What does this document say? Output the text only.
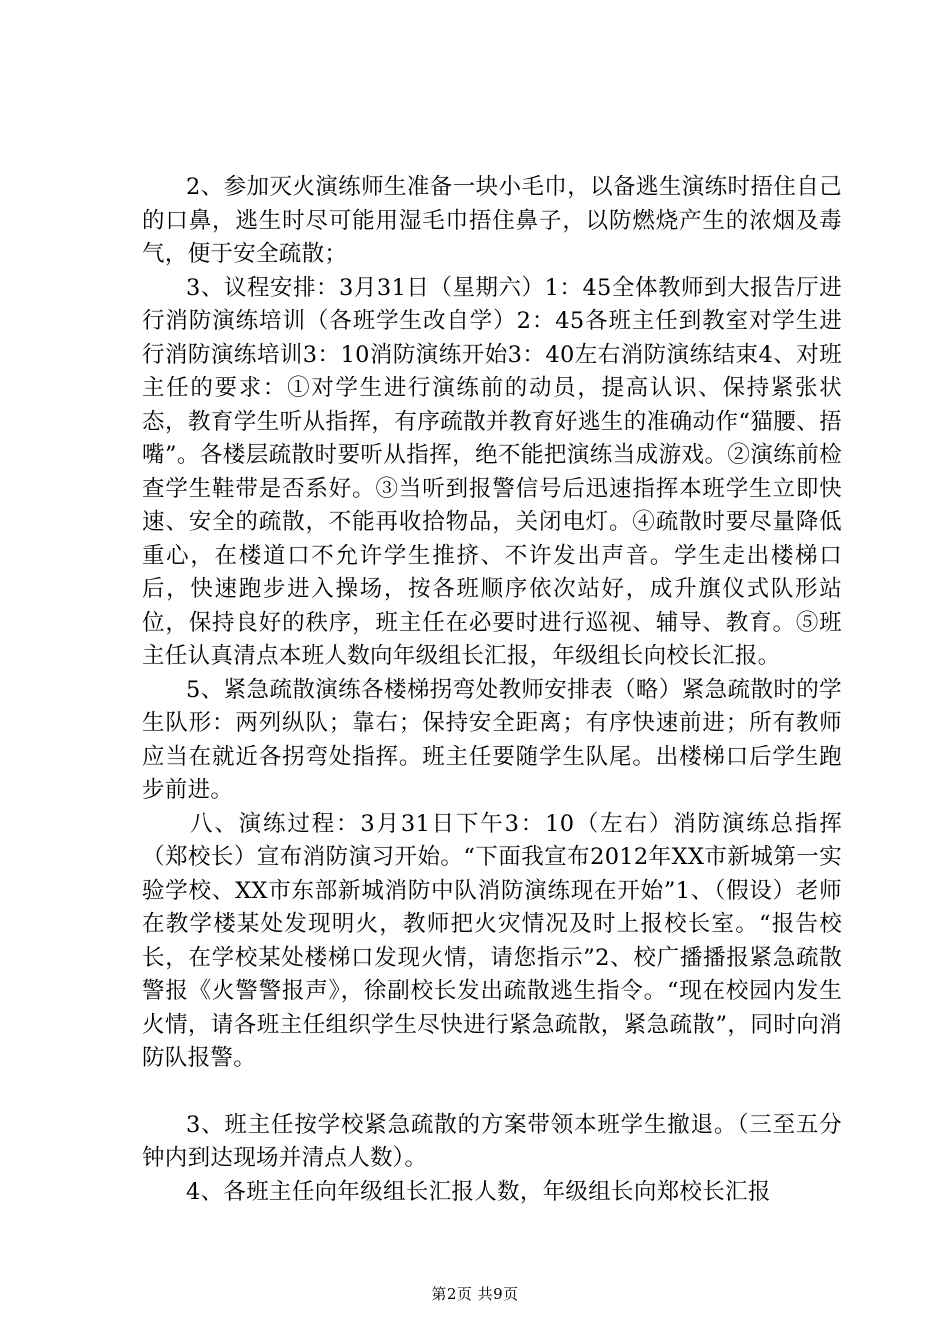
2、参加灭火演练师生准备一块小毛巾，以备逃生演练时捂住自己的口鼻，逃生时尽可能用湿毛巾捂住鼻子，以防燃烧产生的浓烟及毒气，便于安全疏散；

3、议程安排：3月31日（星期六）1：45全体教师到大报告厅进行消防演练培训（各班学生改自学）2：45各班主任到教室对学生进行消防演练培训3：10消防演练开始3：40左右消防演练结束4、对班主任的要求：①对学生进行演练前的动员，提高认识、保持紧张状态，教育学生听从指挥，有序疏散并教育好逃生的准确动作“猫腰、捂嘴”。各楼层疏散时要听从指挥，绝不能把演练当成游戏。②演练前检查学生鞋带是否系好。③当听到报警信号后迅速指挥本班学生立即快速、安全的疏散，不能再收拾物品，关闭电灯。④疏散时要尽量降低重心，在楼道口不允许学生推挤、不许发出声音。学生走出楼梯口后，快速跑步进入操场，按各班顺序依次站好，成升旗仪式队形站位，保持良好的秩序，班主任在必要时进行巡视、辅导、教育。⑤班主任认真清点本班人数向年级组长汇报，年级组长向校长汇报。

5、紧急疏散演练各楼梯拐弯处教师安排表（略）紧急疏散时的学生队形：两列纵队；靠右；保持安全距离；有序快速前进；所有教师应当在就近各拐弯处指挥。班主任要随学生队尾。出楼梯口后学生跑步前进。

八、演练过程：3月31日下午3：10（左右）消防演练总指挥（郑校长）宣布消防演习开始。“下面我宣布2012年XX市新城第一实验学校、XX市东部新城消防中队消防演练现在开始”1、（假设）老师在教学楼某处发现明火，教师把火灾情况及时上报校长室。“报告校长，在学校某处楼梯口发现火情，请您指示”2、校广播播报紧急疏散警报《火警警报声》，徐副校长发出疏散逃生指令。“现在校园内发生火情，请各班主任组织学生尽快进行紧急疏散，紧急疏散”，同时向消防队报警。

3、班主任按学校紧急疏散的方案带领本班学生撤退。（三至五分钟内到达现场并清点人数）。

4、各班主任向年级组长汇报人数，年级组长向郑校长汇报

第2页 共9页
